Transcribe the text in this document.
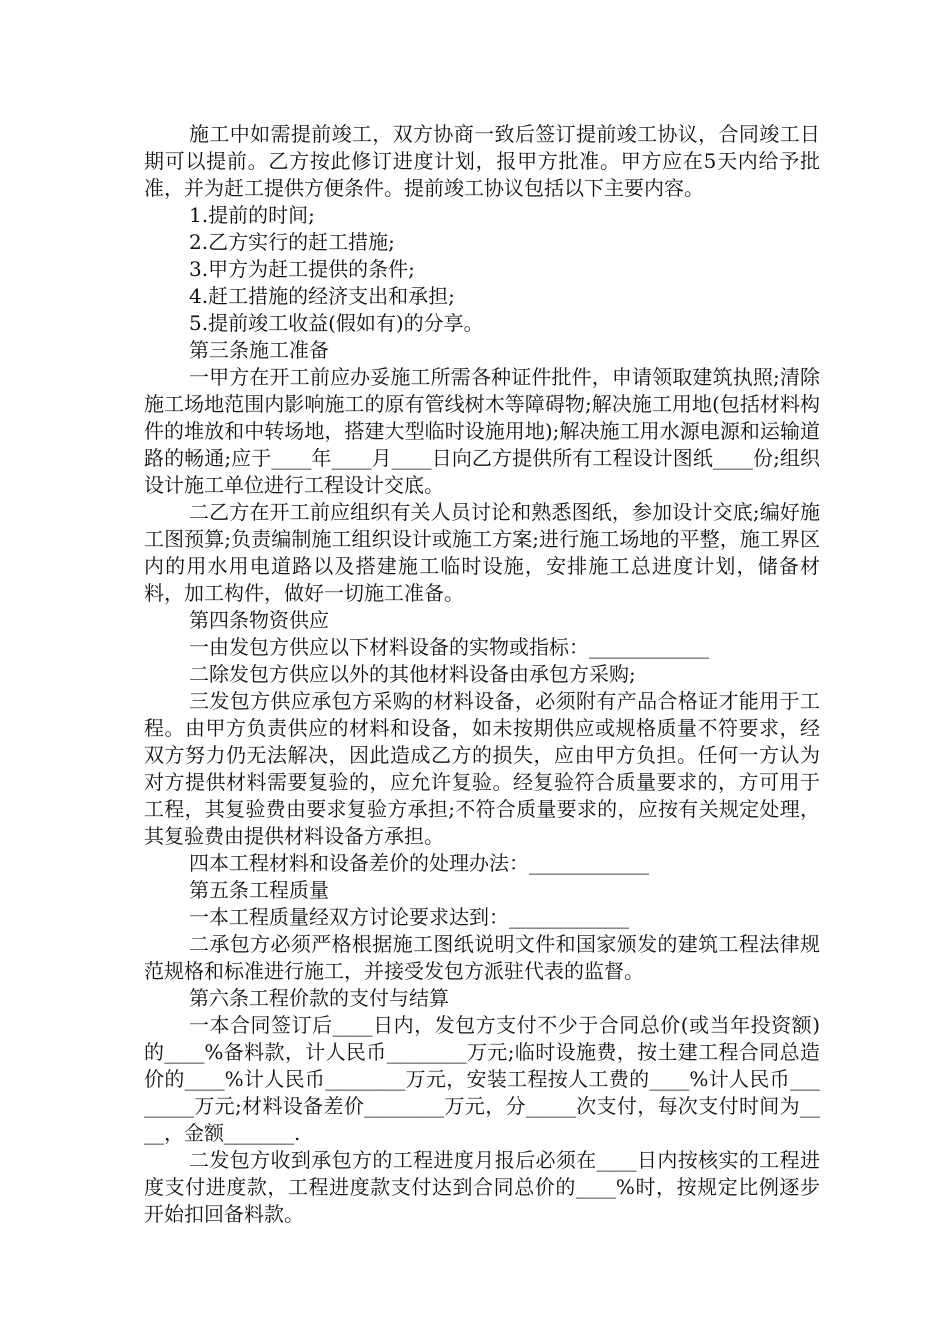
施工中如需提前竣工，双方协商一致后签订提前竣工协议，合同竣工日期可以提前。乙方按此修订进度计划，报甲方批准。甲方应在5天内给予批准，并为赶工提供方便条件。提前竣工协议包括以下主要内容。

1.提前的时间;

2.乙方实行的赶工措施;

3.甲方为赶工提供的条件;

4.赶工措施的经济支出和承担;

5.提前竣工收益(假如有)的分享。

第三条施工准备

一甲方在开工前应办妥施工所需各种证件批件，申请领取建筑执照;清除施工场地范围内影响施工的原有管线树木等障碍物;解决施工用地(包括材料构件的堆放和中转场地，搭建大型临时设施用地);解决施工用水源电源和运输道路的畅通;应于____年____月____日向乙方提供所有工程设计图纸____份;组织设计施工单位进行工程设计交底。

二乙方在开工前应组织有关人员讨论和熟悉图纸，参加设计交底;编好施工图预算;负责编制施工组织设计或施工方案;进行施工场地的平整，施工界区内的用水用电道路以及搭建施工临时设施，安排施工总进度计划，储备材料，加工构件，做好一切施工准备。

第四条物资供应

一由发包方供应以下材料设备的实物或指标：____________

二除发包方供应以外的其他材料设备由承包方采购;

三发包方供应承包方采购的材料设备，必须附有产品合格证才能用于工程。由甲方负责供应的材料和设备，如未按期供应或规格质量不符要求，经双方努力仍无法解决，因此造成乙方的损失，应由甲方负担。任何一方认为对方提供材料需要复验的，应允许复验。经复验符合质量要求的，方可用于工程，其复验费由要求复验方承担;不符合质量要求的，应按有关规定处理，其复验费由提供材料设备方承担。

四本工程材料和设备差价的处理办法：____________

第五条工程质量

一本工程质量经双方讨论要求达到：____________

二承包方必须严格根据施工图纸说明文件和国家颁发的建筑工程法律规范规格和标准进行施工，并接受发包方派驻代表的监督。

第六条工程价款的支付与结算

一本合同签订后____日内，发包方支付不少于合同总价(或当年投资额)的____%备料款，计人民币________万元;临时设施费，按土建工程合同总造价的____%计人民币________万元，安装工程按人工费的____%计人民币________万元;材料设备差价________万元，分_____次支付，每次支付时间为____，金额_______.

二发包方收到承包方的工程进度月报后必须在____日内按核实的工程进度支付进度款，工程进度款支付达到合同总价的____%时，按规定比例逐步开始扣回备料款。
